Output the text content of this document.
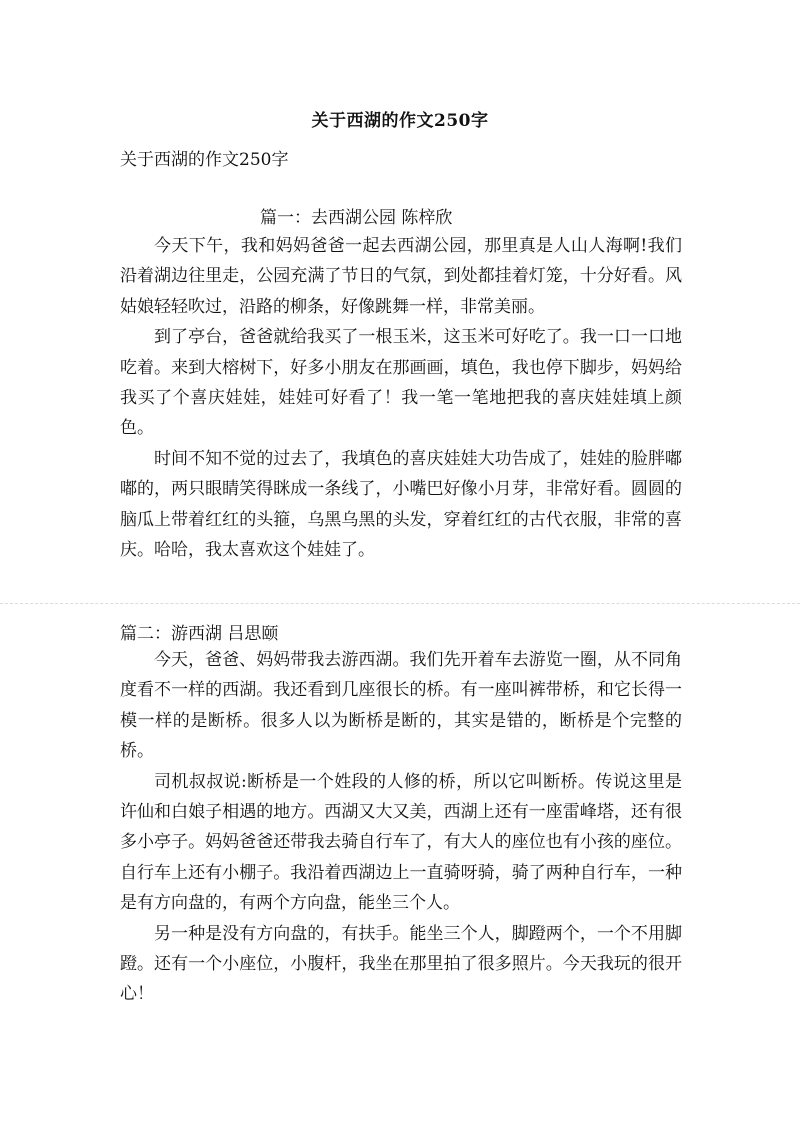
关于西湖的作文250字
关于西湖的作文250字
篇一：去西湖公园 陈梓欣

今天下午，我和妈妈爸爸一起去西湖公园，那里真是人山人海啊!我们沿着湖边往里走，公园充满了节日的气氛，到处都挂着灯笼，十分好看。风姑娘轻轻吹过，沿路的柳条，好像跳舞一样，非常美丽。

到了亭台，爸爸就给我买了一根玉米，这玉米可好吃了。我一口一口地吃着。来到大榕树下，好多小朋友在那画画，填色，我也停下脚步，妈妈给我买了个喜庆娃娃，娃娃可好看了！我一笔一笔地把我的喜庆娃娃填上颜色。

时间不知不觉的过去了，我填色的喜庆娃娃大功告成了，娃娃的脸胖嘟嘟的，两只眼睛笑得眯成一条线了，小嘴巴好像小月芽，非常好看。圆圆的脑瓜上带着红红的头箍，乌黑乌黑的头发，穿着红红的古代衣服，非常的喜庆。哈哈，我太喜欢这个娃娃了。

篇二：游西湖 吕思颐

今天，爸爸、妈妈带我去游西湖。我们先开着车去游览一圈，从不同角度看不一样的西湖。我还看到几座很长的桥。有一座叫裤带桥，和它长得一模一样的是断桥。很多人以为断桥是断的，其实是错的，断桥是个完整的桥。

司机叔叔说:断桥是一个姓段的人修的桥，所以它叫断桥。传说这里是许仙和白娘子相遇的地方。西湖又大又美，西湖上还有一座雷峰塔，还有很多小亭子。妈妈爸爸还带我去骑自行车了，有大人的座位也有小孩的座位。自行车上还有小棚子。我沿着西湖边上一直骑呀骑，骑了两种自行车，一种是有方向盘的，有两个方向盘，能坐三个人。

另一种是没有方向盘的，有扶手。能坐三个人，脚蹬两个，一个不用脚蹬。还有一个小座位，小腹杆，我坐在那里拍了很多照片。今天我玩的很开心！
